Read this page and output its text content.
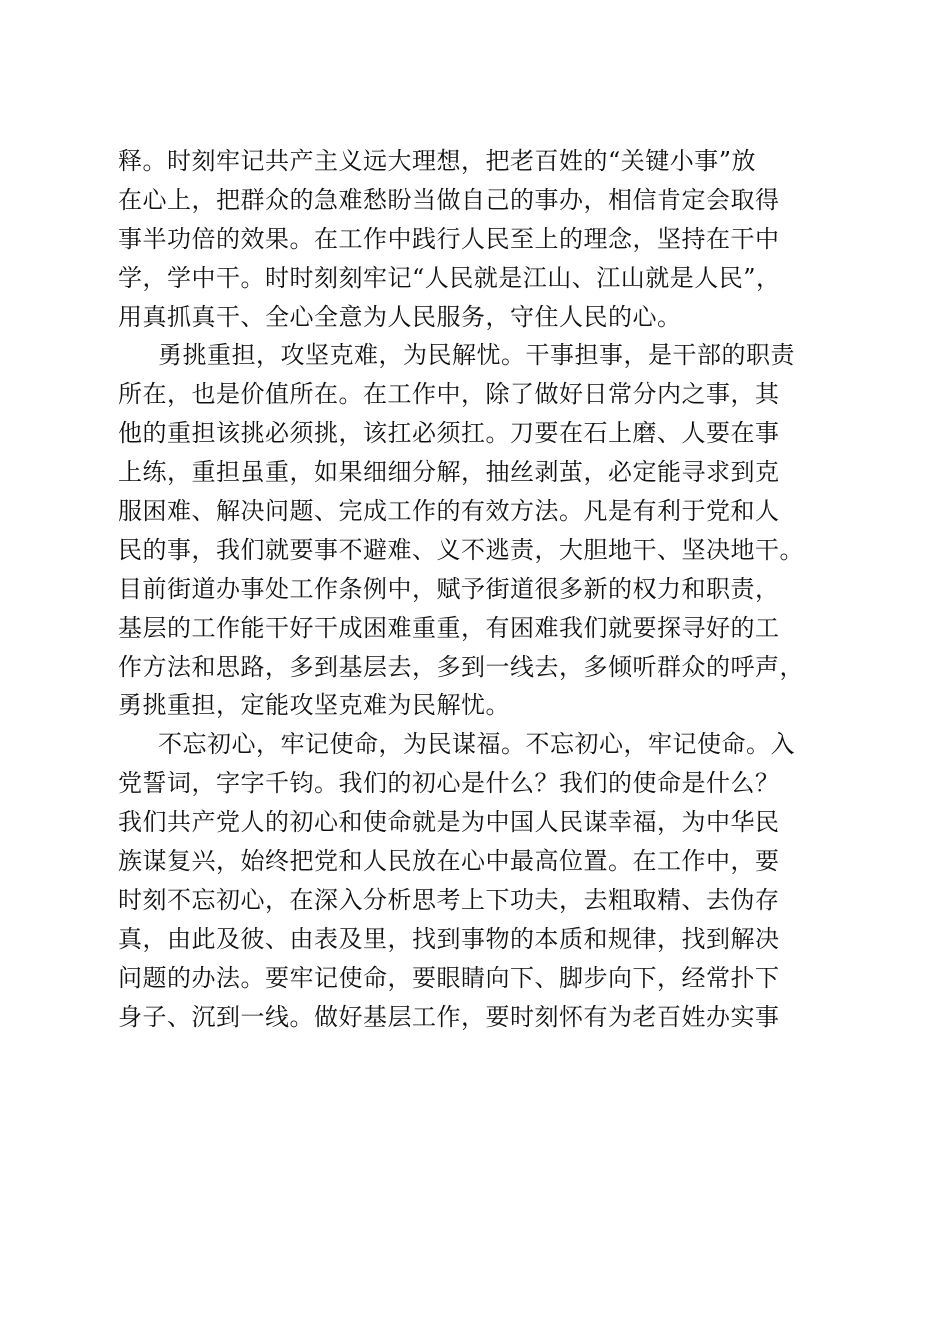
释。时刻牢记共产主义远大理想，把老百姓的“关键小事”放
在心上，把群众的急难愁盼当做自己的事办，相信肯定会取得
事半功倍的效果。在工作中践行人民至上的理念，坚持在干中
学，学中干。时时刻刻牢记“人民就是江山、江山就是人民”，
用真抓真干、全心全意为人民服务，守住人民的心。
勇挑重担，攻坚克难，为民解忧。干事担事，是干部的职责
所在，也是价值所在。在工作中，除了做好日常分内之事，其
他的重担该挑必须挑，该扛必须扛。刀要在石上磨、人要在事
上练，重担虽重，如果细细分解，抽丝剥茧，必定能寻求到克
服困难、解决问题、完成工作的有效方法。凡是有利于党和人
民的事，我们就要事不避难、义不逃责，大胆地干、坚决地干。
目前街道办事处工作条例中，赋予街道很多新的权力和职责，
基层的工作能干好干成困难重重，有困难我们就要探寻好的工
作方法和思路，多到基层去，多到一线去，多倾听群众的呼声，
勇挑重担，定能攻坚克难为民解忧。
不忘初心，牢记使命，为民谋福。不忘初心，牢记使命。入
党誓词，字字千钧。我们的初心是什么？我们的使命是什么？
我们共产党人的初心和使命就是为中国人民谋幸福，为中华民
族谋复兴，始终把党和人民放在心中最高位置。在工作中，要
时刻不忘初心，在深入分析思考上下功夫，去粗取精、去伪存
真，由此及彼、由表及里，找到事物的本质和规律，找到解决
问题的办法。要牢记使命，要眼睛向下、脚步向下，经常扑下
身子、沉到一线。做好基层工作，要时刻怀有为老百姓办实事
